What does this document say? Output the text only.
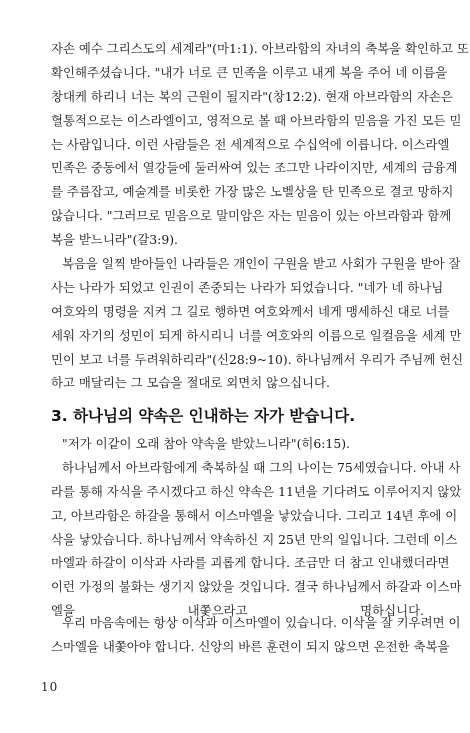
자손 예수 그리스도의 세계라"(마1:1). 아브라함의 자녀의 축복을 확인하고 또
확인해주셨습니다. "내가 너로 큰 민족을 이루고 내게 복을 주어 네 이름을
창대케 하리니 너는 복의 근원이 될지라"(창12:2). 현재 아브라함의 자손은
혈통적으로는 이스라엘이고, 영적으로 볼 때 아브라함의 믿음을 가진 모든 믿
는 사람입니다. 이런 사람들은 전 세계적으로 수십억에 이릅니다. 이스라엘
민족은 중동에서 열강들에 둘러싸여 있는 조그만 나라이지만, 세계의 금융계
를 주름잡고, 예술계를 비롯한 가장 많은 노벨상을 탄 민족으로 결코 망하지
않습니다. "그러므로 믿음으로 말미암은 자는 믿음이 있는 아브라함과 함께
복을 받느니라"(갈3:9).
복음을 일찍 받아들인 나라들은 개인이 구원을 받고 사회가 구원을 받아 잘
사는 나라가 되었고 인권이 존중되는 나라가 되었습니다. "네가 네 하나님
여호와의 명령을 지켜 그 길로 행하면 여호와께서 네게 맹세하신 대로 너를
세워 자기의 성민이 되게 하시리니 너를 여호와의 이름으로 일컬음을 세계 만
민이 보고 너를 두려워하리라"(신28:9~10). 하나님께서 우리가 주님께 헌신
하고 매달리는 그 모습을 절대로 외면치 않으십니다.
3. 하나님의 약속은 인내하는 자가 받습니다.
"저가 이같이 오래 참아 약속을 받았느니라"(히6:15).
하나님께서 아브라함에게 축복하실 때 그의 나이는 75세였습니다. 아내 사
라를 통해 자식을 주시겠다고 하신 약속은 11년을 기다려도 이루어지지 않았
고, 아브라함은 하갈을 통해서 이스마엘을 낳았습니다. 그리고 14년 후에 이
삭을 낳았습니다. 하나님께서 약속하신 지 25년 만의 일입니다. 그런데 이스
마엘과 하갈이 이삭과 사라를 괴롭게 합니다. 조금만 더 참고 인내했더라면
이런 가정의 불화는 생기지 않았을 것입니다. 결국 하나님께서 하갈과 이스마
엘을 내쫓으라고 명하십니다.
우리 마음속에는 항상 이삭과 이스마엘이 있습니다. 이삭을 잘 키우려면 이
스마엘을 내쫓아야 합니다. 신앙의 바른 훈련이 되지 않으면 온전한 축복을
10
